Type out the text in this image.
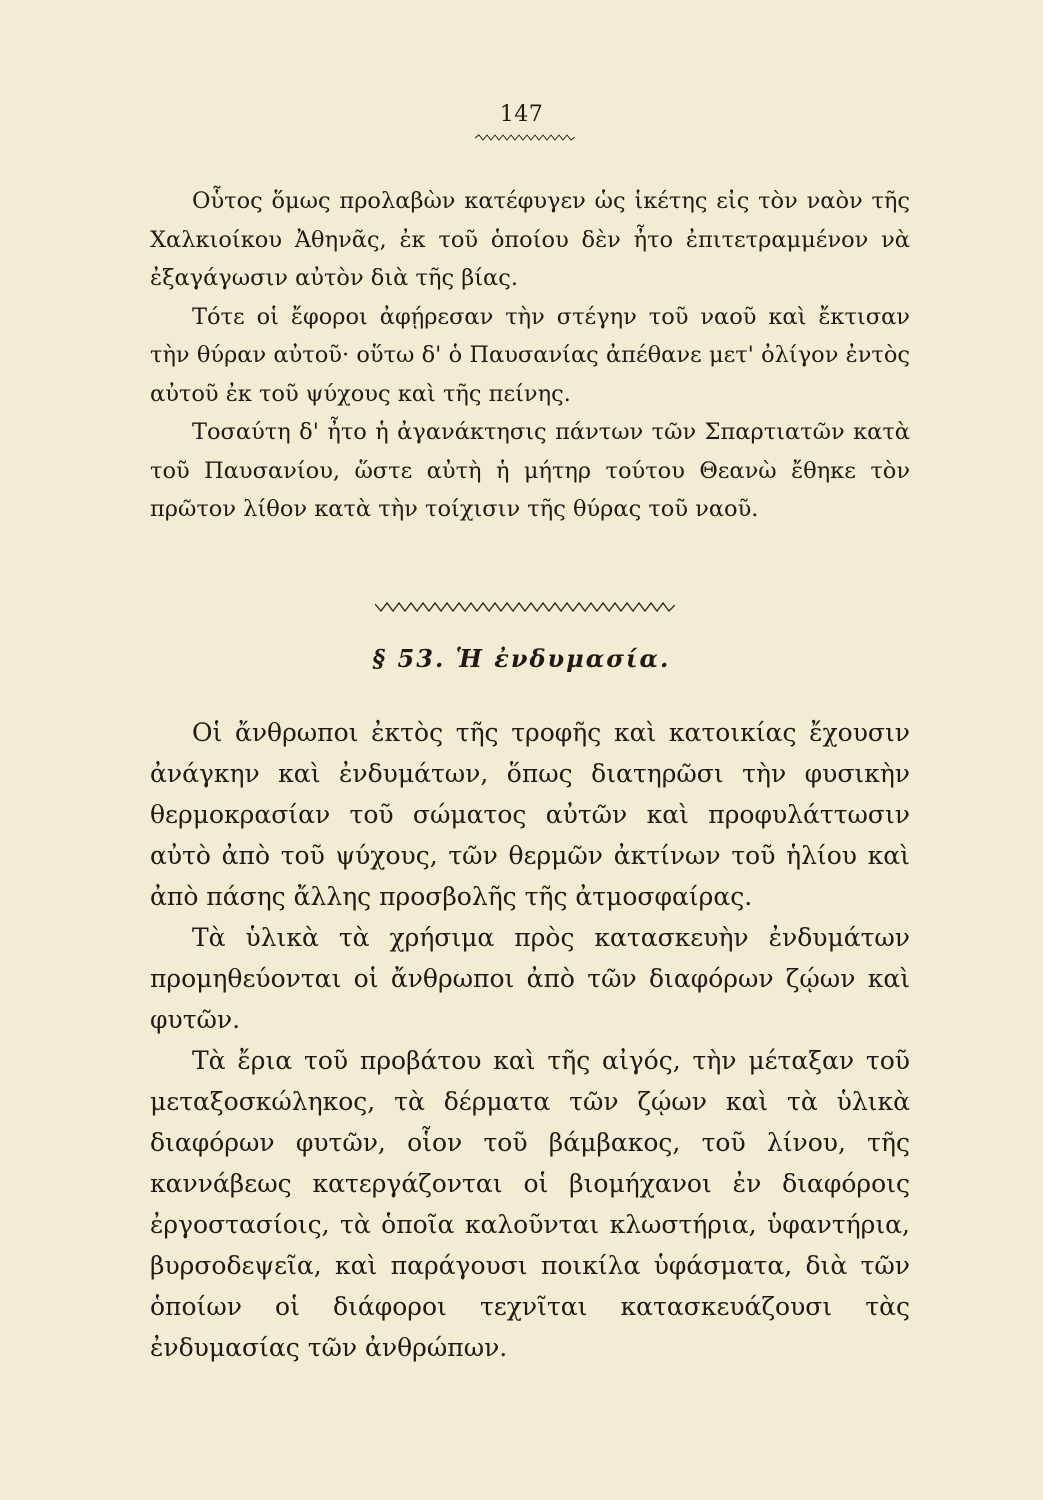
147

Οὗτος ὅμως προλαβὼν κατέφυγεν ὡς ἱκέτης εἰς τὸν ναὸν τῆς Χαλκιοίκου Ἀθηνᾶς, ἐκ τοῦ ὁποίου δὲν ἦτο ἐπιτετραμμένον νὰ ἐξαγάγωσιν αὐτὸν διὰ τῆς βίας.

Τότε οἱ ἔφοροι ἀφῄρεσαν τὴν στέγην τοῦ ναοῦ καὶ ἔκτισαν τὴν θύραν αὐτοῦ· οὕτω δ' ὁ Παυσανίας ἀπέθανε μετ' ὀλίγον ἐντὸς αὐτοῦ ἐκ τοῦ ψύχους καὶ τῆς πείνης.

Τοσαύτη δ' ἦτο ἡ ἀγανάκτησις πάντων τῶν Σπαρτιατῶν κατὰ τοῦ Παυσανίου, ὥστε αὐτὴ ἡ μήτηρ τούτου Θεανὼ ἔθηκε τὸν πρῶτον λίθον κατὰ τὴν τοίχισιν τῆς θύρας τοῦ ναοῦ.

§ 53. Ἡ ἐνδυμασία.

Οἱ ἄνθρωποι ἐκτὸς τῆς τροφῆς καὶ κατοικίας ἔχουσιν ἀνάγκην καὶ ἐνδυμάτων, ὅπως διατηρῶσι τὴν φυσικὴν θερμοκρασίαν τοῦ σώματος αὐτῶν καὶ προφυλάττωσιν αὐτὸ ἀπὸ τοῦ ψύχους, τῶν θερμῶν ἀκτίνων τοῦ ἡλίου καὶ ἀπὸ πάσης ἄλλης προσβολῆς τῆς ἀτμοσφαίρας.

Τὰ ὑλικὰ τὰ χρήσιμα πρὸς κατασκευὴν ἐνδυμάτων προμηθεύονται οἱ ἄνθρωποι ἀπὸ τῶν διαφόρων ζῴων καὶ φυτῶν.

Τὰ ἔρια τοῦ προβάτου καὶ τῆς αἰγός, τὴν μέταξαν τοῦ μεταξοσκώληκος, τὰ δέρματα τῶν ζῴων καὶ τὰ ὑλικὰ διαφόρων φυτῶν, οἷον τοῦ βάμβακος, τοῦ λίνου, τῆς καννάβεως κατεργάζονται οἱ βιομήχανοι ἐν διαφόροις ἐργοστασίοις, τὰ ὁποῖα καλοῦνται κλωστήρια, ὑφαντήρια, βυρσοδεψεῖα, καὶ παράγουσι ποικίλα ὑφάσματα, διὰ τῶν ὁποίων οἱ διάφοροι τεχνῖται κατασκευάζουσι τὰς ἐνδυμασίας τῶν ἀνθρώπων.
